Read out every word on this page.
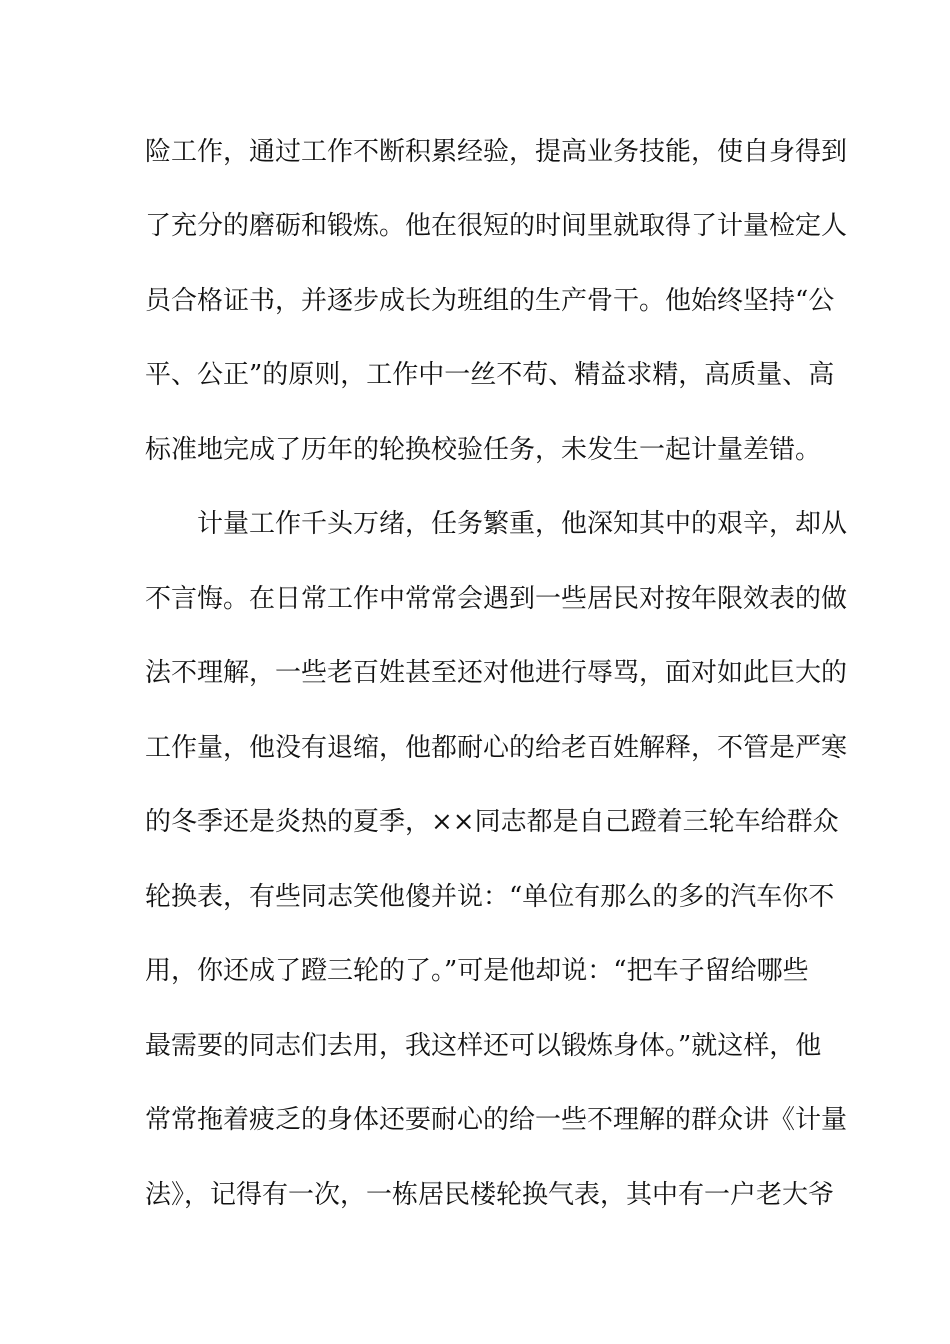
险工作，通过工作不断积累经验，提高业务技能，使自身得到
了充分的磨砺和锻炼。他在很短的时间里就取得了计量检定人
员合格证书，并逐步成长为班组的生产骨干。他始终坚持“公
平、公正”的原则，工作中一丝不苟、精益求精，高质量、高
标准地完成了历年的轮换校验任务，未发生一起计量差错。
计量工作千头万绪，任务繁重，他深知其中的艰辛，却从
不言悔。在日常工作中常常会遇到一些居民对按年限效表的做
法不理解，一些老百姓甚至还对他进行辱骂，面对如此巨大的
工作量，他没有退缩，他都耐心的给老百姓解释，不管是严寒
的冬季还是炎热的夏季，××同志都是自己蹬着三轮车给群众
轮换表，有些同志笑他傻并说：“单位有那么的多的汽车你不
用，你还成了蹬三轮的了。”可是他却说：“把车子留给哪些
最需要的同志们去用，我这样还可以锻炼身体。”就这样，他
常常拖着疲乏的身体还要耐心的给一些不理解的群众讲《计量
法》，记得有一次，一栋居民楼轮换气表，其中有一户老大爷
